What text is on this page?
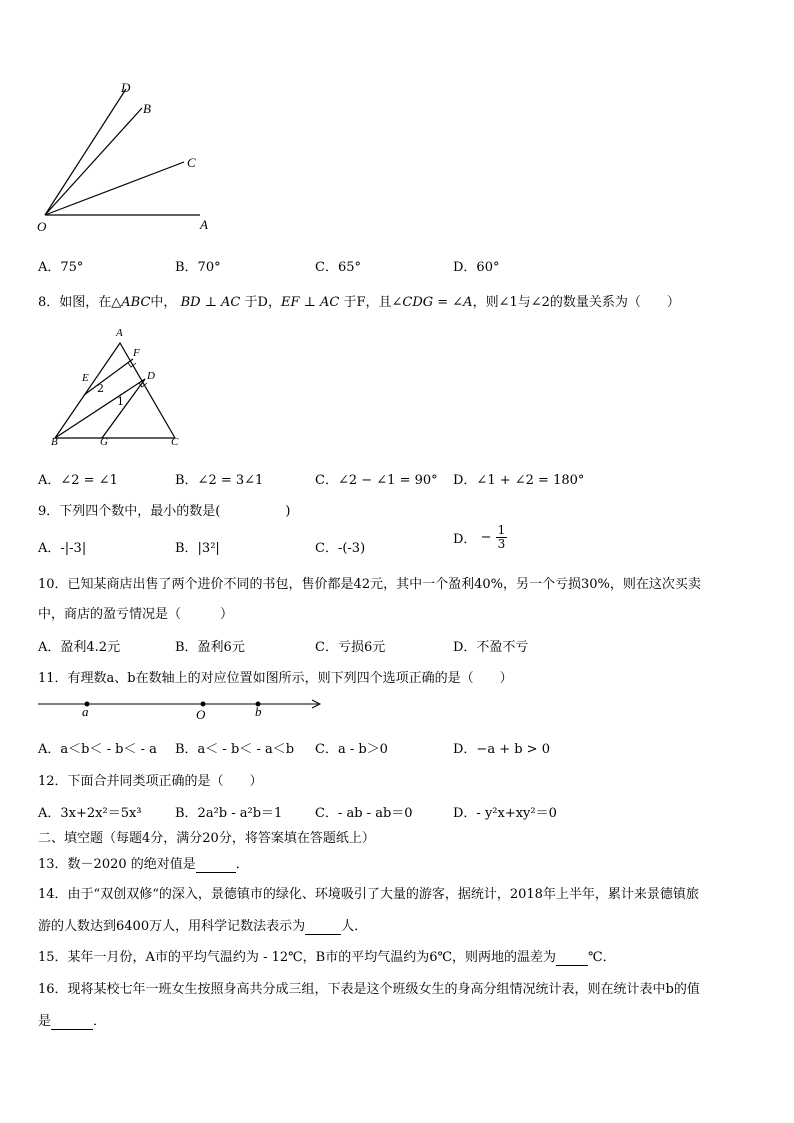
D
B
C
O	A
A．75°	B．70°	C．65°	D．60°
8．如图，在△ABC中， BD ⊥ AC 于D，EF ⊥ AC 于F，且∠CDG = ∠A，则∠1与∠2的数量关系为（　　）
A
F
E	D
2
1
B	G	C
A．∠2 = ∠1	B．∠2 = 3∠1	C．∠2 − ∠1 = 90° D．∠1 + ∠2 = 180°
9．下列四个数中，最小的数是(　　　　　)
A．-|-3|	B．|3²|	C．-(-3)
D． − $\frac{1}{3}$
10．已知某商店出售了两个进价不同的书包，售价都是42元，其中一个盈利40%，另一个亏损30%，则在这次买卖
中，商店的盈亏情况是（　　　）
A．盈利4.2元	B．盈利6元	C．亏损6元	D．不盈不亏
11．有理数a、b在数轴上的对应位置如图所示，则下列四个选项正确的是（　　）
a	O	b
A．a＜b＜ - b＜ - a B．a＜ - b＜ - a＜b C．a - b＞0	D．−a + b > 0
12．下面合并同类项正确的是（　　）
A．3x+2x²＝5x³	B．2a²b - a²b＝1	C．- ab - ab＝0	D．- y²x+xy²＝0
二、填空题（每题4分，满分20分，将答案填在答题纸上）
13．数－2020 的绝对值是	．
14．由于“双创双修“的深入，景德镇市的绿化、环境吸引了大量的游客，据统计，2018年上半年，累计来景德镇旅
游的人数达到6400万人，用科学记数法表示为	人．
15．某年一月份，A市的平均气温约为 - 12℃，B市的平均气温约为6℃，则两地的温差为 ℃．
16．现将某校七年一班女生按照身高共分成三组，下表是这个班级女生的身高分组情况统计表，则在统计表中b的值
是	．
